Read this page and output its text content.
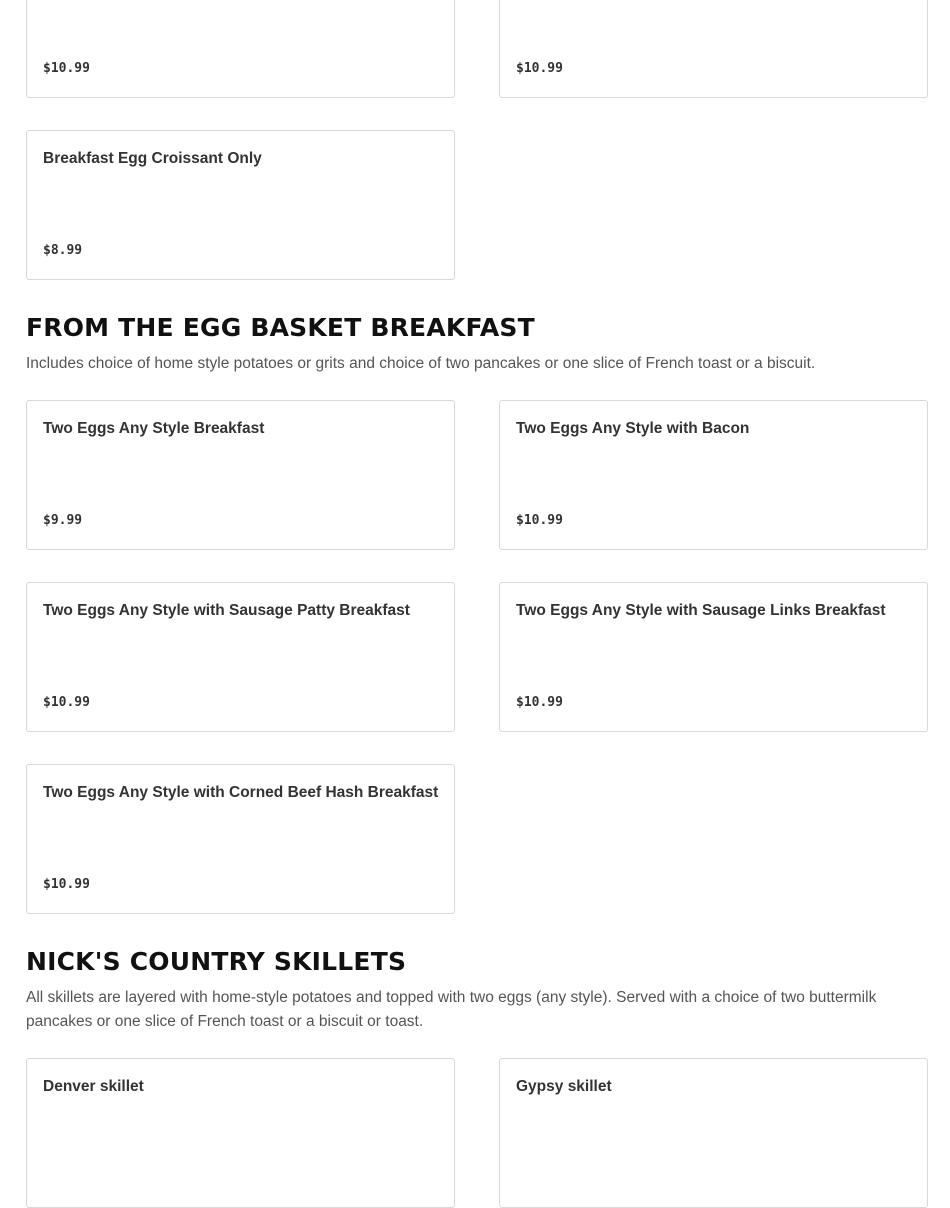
$10.99	$10.99
Breakfast Egg Croissant Only
$8.99
FROM THE EGG BASKET BREAKFAST

Includes choice of home style potatoes or grits and choice of two pancakes or one slice of French toast or a biscuit.

Two Eggs Any Style Breakfast
$9.99
Two Eggs Any Style with Bacon
$10.99
Two Eggs Any Style with Sausage Patty Breakfast
$10.99
Two Eggs Any Style with Sausage Links Breakfast
$10.99
Two Eggs Any Style with Corned Beef Hash Breakfast
$10.99
NICK'S COUNTRY SKILLETS

All skillets are layered with home-style potatoes and topped with two eggs (any style). Served with a choice of two buttermilk pancakes or one slice of French toast or a biscuit or toast.

Denver skillet	Gypsy skillet
